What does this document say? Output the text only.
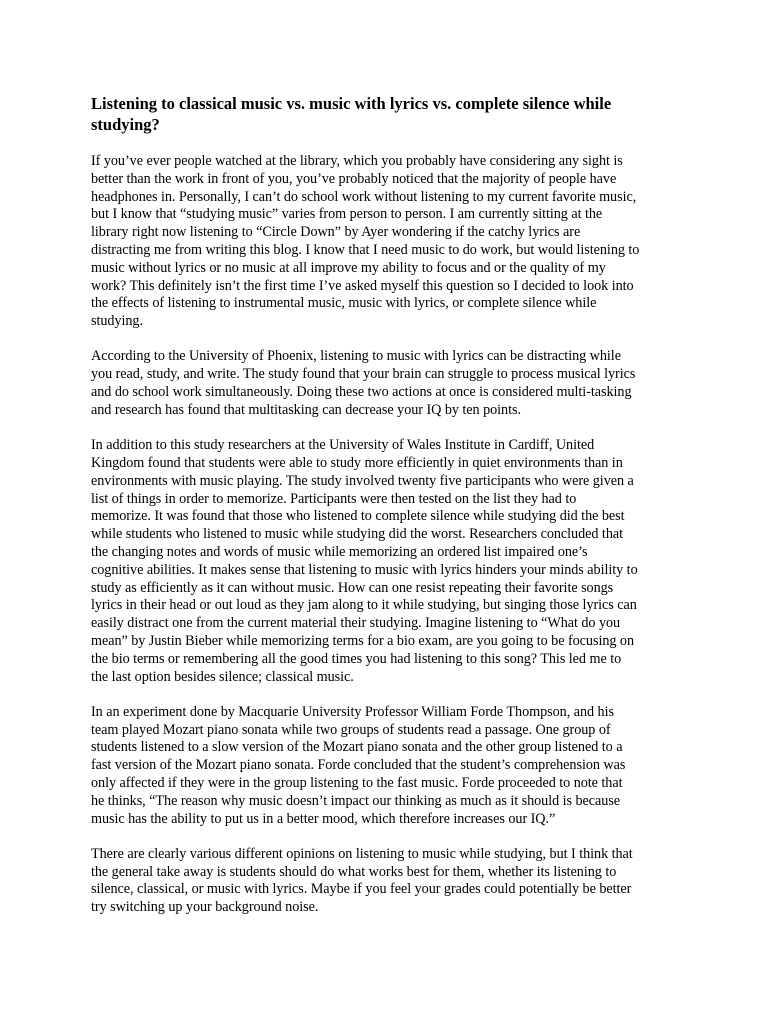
Listening to classical music vs. music with lyrics vs. complete silence while
studying?

If you’ve ever people watched at the library, which you probably have considering any sight is
better than the work in front of you, you’ve probably noticed that the majority of people have
headphones in. Personally, I can’t do school work without listening to my current favorite music,
but I know that “studying music” varies from person to person. I am currently sitting at the
library right now listening to “Circle Down” by Ayer wondering if the catchy lyrics are
distracting me from writing this blog. I know that I need music to do work, but would listening to
music without lyrics or no music at all improve my ability to focus and or the quality of my
work? This definitely isn’t the first time I’ve asked myself this question so I decided to look into
the effects of listening to instrumental music, music with lyrics, or complete silence while
studying.

According to the University of Phoenix, listening to music with lyrics can be distracting while
you read, study, and write. The study found that your brain can struggle to process musical lyrics
and do school work simultaneously. Doing these two actions at once is considered multi-tasking
and research has found that multitasking can decrease your IQ by ten points.

In addition to this study researchers at the University of Wales Institute in Cardiff, United
Kingdom found that students were able to study more efficiently in quiet environments than in
environments with music playing. The study involved twenty five participants who were given a
list of things in order to memorize. Participants were then tested on the list they had to
memorize. It was found that those who listened to complete silence while studying did the best
while students who listened to music while studying did the worst. Researchers concluded that
the changing notes and words of music while memorizing an ordered list impaired one’s
cognitive abilities. It makes sense that listening to music with lyrics hinders your minds ability to
study as efficiently as it can without music. How can one resist repeating their favorite songs
lyrics in their head or out loud as they jam along to it while studying, but singing those lyrics can
easily distract one from the current material their studying. Imagine listening to “What do you
mean” by Justin Bieber while memorizing terms for a bio exam, are you going to be focusing on
the bio terms or remembering all the good times you had listening to this song? This led me to
the last option besides silence; classical music.

In an experiment done by Macquarie University Professor William Forde Thompson, and his
team played Mozart piano sonata while two groups of students read a passage. One group of
students listened to a slow version of the Mozart piano sonata and the other group listened to a
fast version of the Mozart piano sonata. Forde concluded that the student’s comprehension was
only affected if they were in the group listening to the fast music. Forde proceeded to note that
he thinks, “The reason why music doesn’t impact our thinking as much as it should is because
music has the ability to put us in a better mood, which therefore increases our IQ.”

There are clearly various different opinions on listening to music while studying, but I think that
the general take away is students should do what works best for them, whether its listening to
silence, classical, or music with lyrics. Maybe if you feel your grades could potentially be better
try switching up your background noise.
